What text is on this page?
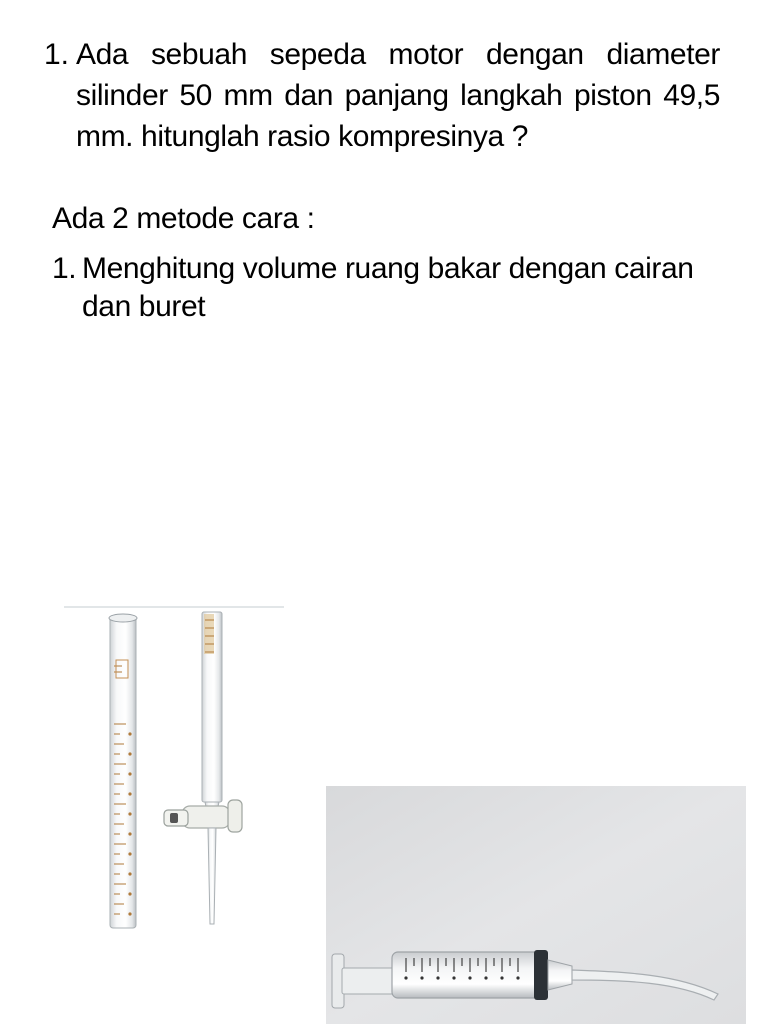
1. Ada sebuah sepeda motor dengan diameter silinder 50 mm dan panjang langkah piston 49,5 mm. hitunglah rasio kompresinya ?
Ada 2 metode cara :
1. Menghitung volume ruang bakar dengan cairan dan buret
